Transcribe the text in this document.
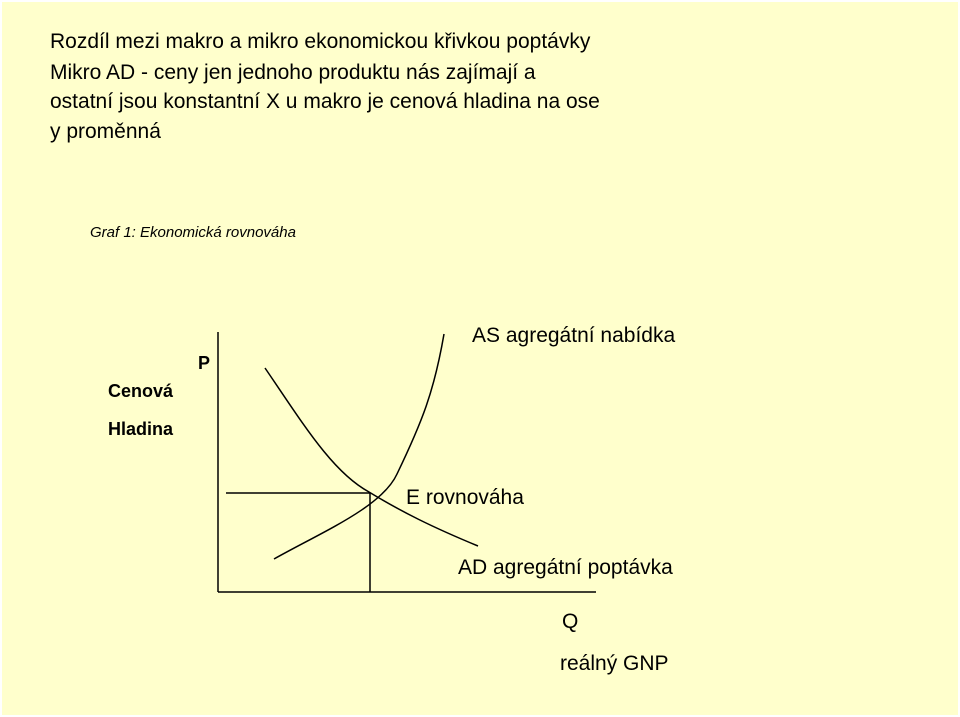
Rozdíl mezi makro a mikro ekonomickou křivkou poptávky
Mikro AD - ceny jen jednoho produktu nás zajímají a
ostatní jsou konstantní X u makro je cenová hladina na ose
y proměnná
Graf 1: Ekonomická rovnováha
Cenová
Hladina
P
AS agregátní nabídka
E rovnováha
AD agregátní poptávka
Q
reálný GNP
